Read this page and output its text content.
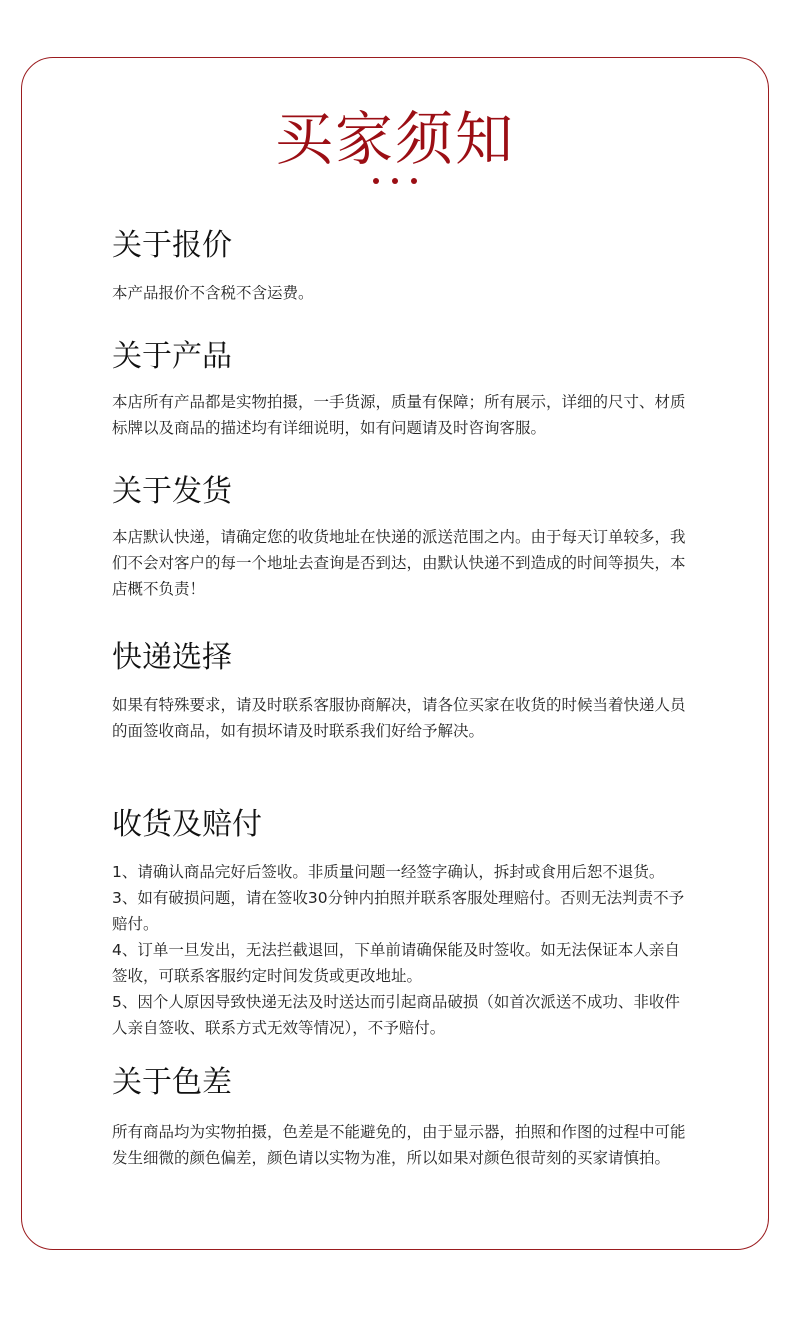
买家须知
关于报价

本产品报价不含税不含运费。

关于产品

本店所有产品都是实物拍摄，一手货源，质量有保障；所有展示，详细的尺寸、材质标牌以及商品的描述均有详细说明，如有问题请及时咨询客服。

关于发货

本店默认快递，请确定您的收货地址在快递的派送范围之内。由于每天订单较多，我们不会对客户的每一个地址去查询是否到达，由默认快递不到造成的时间等损失，本店概不负责！

快递选择

如果有特殊要求，请及时联系客服协商解决，请各位买家在收货的时候当着快递人员的面签收商品，如有损坏请及时联系我们好给予解决。

收货及赔付

1、请确认商品完好后签收。非质量问题一经签字确认，拆封或食用后恕不退货。

3、如有破损问题，请在签收30分钟内拍照并联系客服处理赔付。否则无法判责不予赔付。

4、订单一旦发出，无法拦截退回，下单前请确保能及时签收。如无法保证本人亲自签收，可联系客服约定时间发货或更改地址。

5、因个人原因导致快递无法及时送达而引起商品破损（如首次派送不成功、非收件人亲自签收、联系方式无效等情况），不予赔付。

关于色差

所有商品均为实物拍摄，色差是不能避免的，由于显示器，拍照和作图的过程中可能发生细微的颜色偏差，颜色请以实物为准，所以如果对颜色很苛刻的买家请慎拍。
